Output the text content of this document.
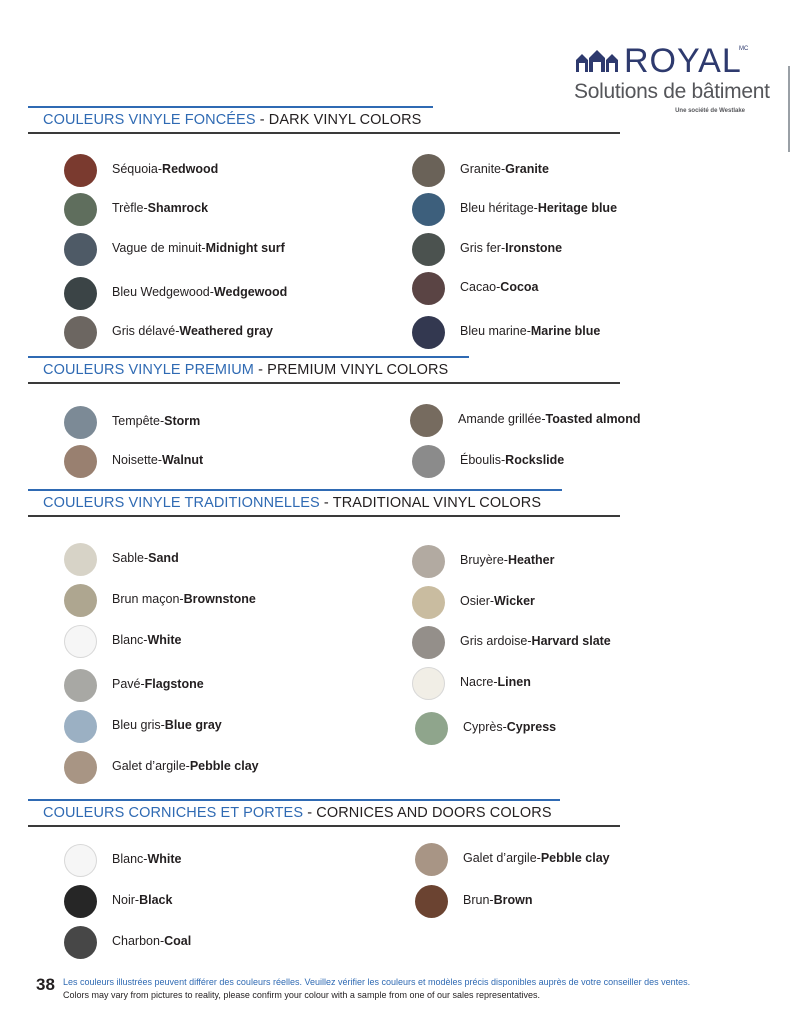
ROYAL
MC
Solutions de bâtiment
Une société de Westlake
COULEURS VINYLE FONCÉES - DARK VINYL COLORS
Séquoia-Redwood	Granite-Granite
Trèfle-Shamrock	Bleu héritage-Heritage blue
Vague de minuit-Midnight surf	Gris fer-Ironstone
Bleu Wedgewood-Wedgewood	Cacao-Cocoa
Gris délavé-Weathered gray	Bleu marine-Marine blue
COULEURS VINYLE PREMIUM - PREMIUM VINYL COLORS
Tempête-Storm	Amande grillée-Toasted almond
Noisette-Walnut	Éboulis-Rockslide
COULEURS VINYLE TRADITIONNELLES - TRADITIONAL VINYL COLORS
Sable-Sand	Bruyère-Heather
Brun maçon-Brownstone	Osier-Wicker
Blanc-White	Gris ardoise-Harvard slate
Pavé-Flagstone	Nacre-Linen
Bleu gris-Blue gray	Cyprès-Cypress
Galet d’argile-Pebble clay
COULEURS CORNICHES ET PORTES - CORNICES AND DOORS COLORS
Blanc-White	Galet d’argile-Pebble clay
Noir-Black	Brun-Brown
Charbon-Coal
38 Les couleurs illustrées peuvent différer des couleurs réelles. Veuillez vérifier les couleurs et modèles précis disponibles auprès de votre conseiller des ventes.
Colors may vary from pictures to reality, please confirm your colour with a sample from one of our sales representatives.
